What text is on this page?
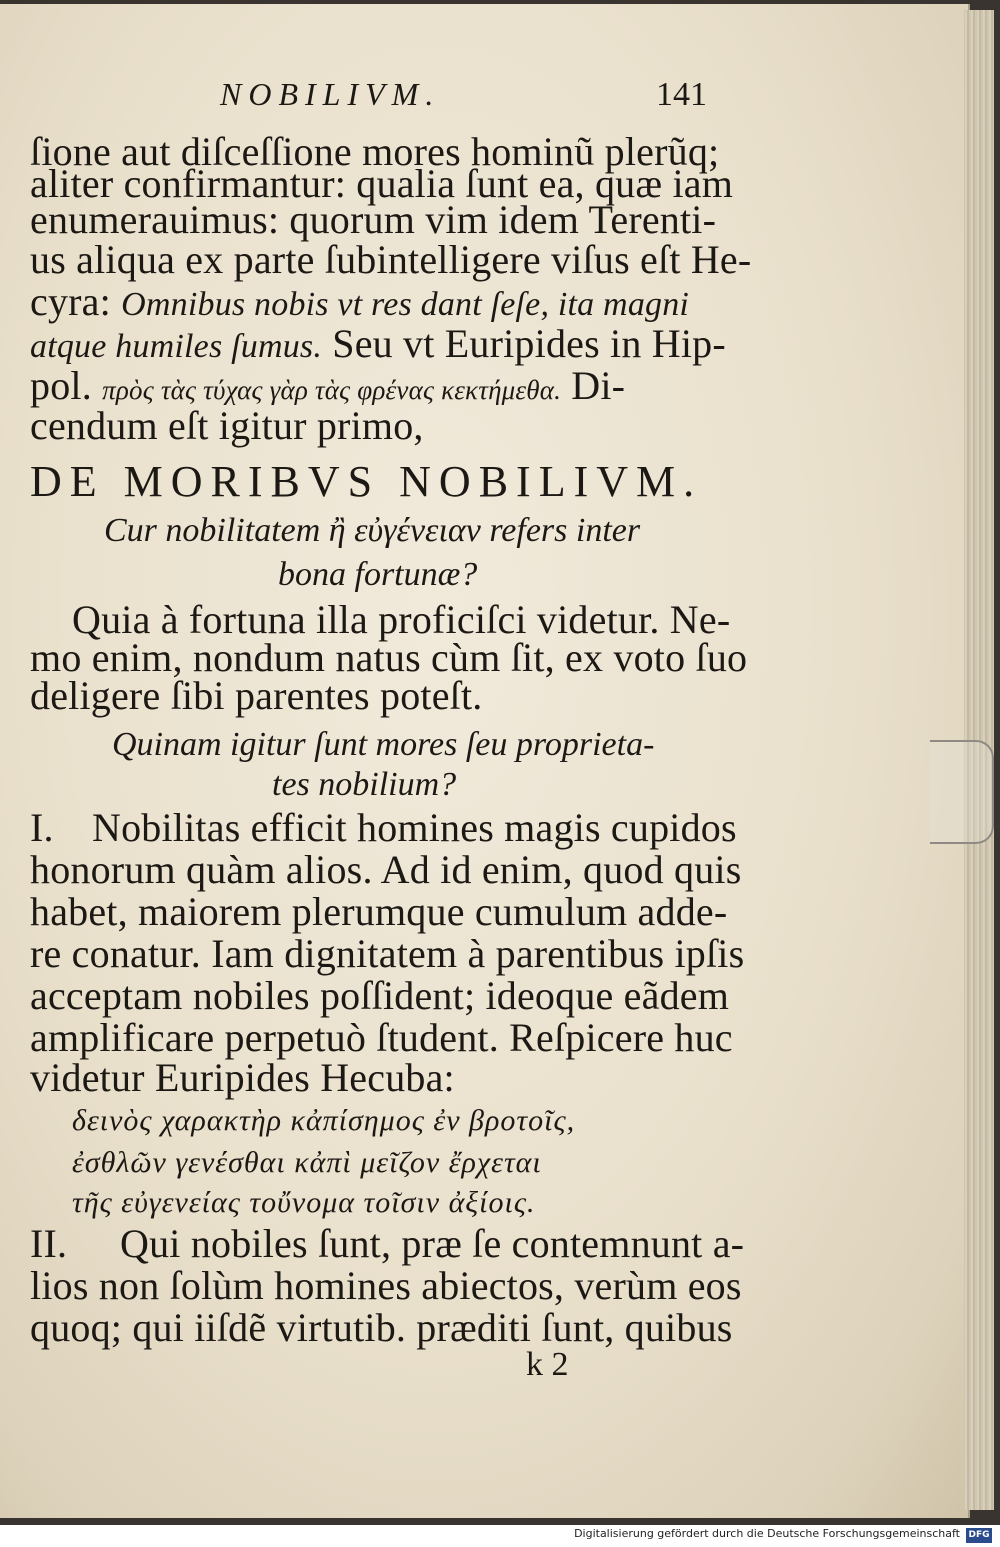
NOBILIVM.	141

ſione aut diſceſſione mores hominũ plerũq;

aliter confirmantur: qualia ſunt ea, quæ iam

enumerauimus: quorum vim idem Terenti-

us aliqua ex parte ſubintelligere viſus eſt He-

cyra: Omnibus nobis vt res dant ſeſe, ita magni

atque humiles ſumus. Seu vt Euripides in Hip-

pol. πρὸς τὰς τύχας γὰρ τὰς φρένας κεκτήμεθα. Di-

cendum eſt igitur primo,

DE MORIBVS NOBILIVM.

Cur nobilitatem ἢ εὐγένειαν refers inter

bona fortunæ?

Quia à fortuna illa proficiſci videtur. Ne-

mo enim, nondum natus cùm ſit, ex voto ſuo

deligere ſibi parentes poteſt.

Quinam igitur ſunt mores ſeu proprieta-

tes nobilium?

I. Nobilitas efficit homines magis cupidos

honorum quàm alios. Ad id enim, quod quis

habet, maiorem plerumque cumulum adde-

re conatur. Iam dignitatem à parentibus ipſis

acceptam nobiles poſſident; ideoque eãdem

amplificare perpetuò ſtudent. Reſpicere huc

videtur Euripides Hecuba:

δεινὸς χαρακτὴρ κἀπίσημος ἐν βροτοῖς,

ἐσθλῶν γενέσθαι κἀπὶ μεῖζον ἔρχεται

τῆς εὐγενείας τοὔνομα τοῖσιν ἀξίοις.

II. Qui nobiles ſunt, præ ſe contemnunt a-

lios non ſolùm homines abiectos, verùm eos

quoq; qui iiſdẽ virtutib. præditi ſunt, quibus

k 2

Digitalisierung gefördert durch die Deutsche Forschungsgemeinschaft DFG
